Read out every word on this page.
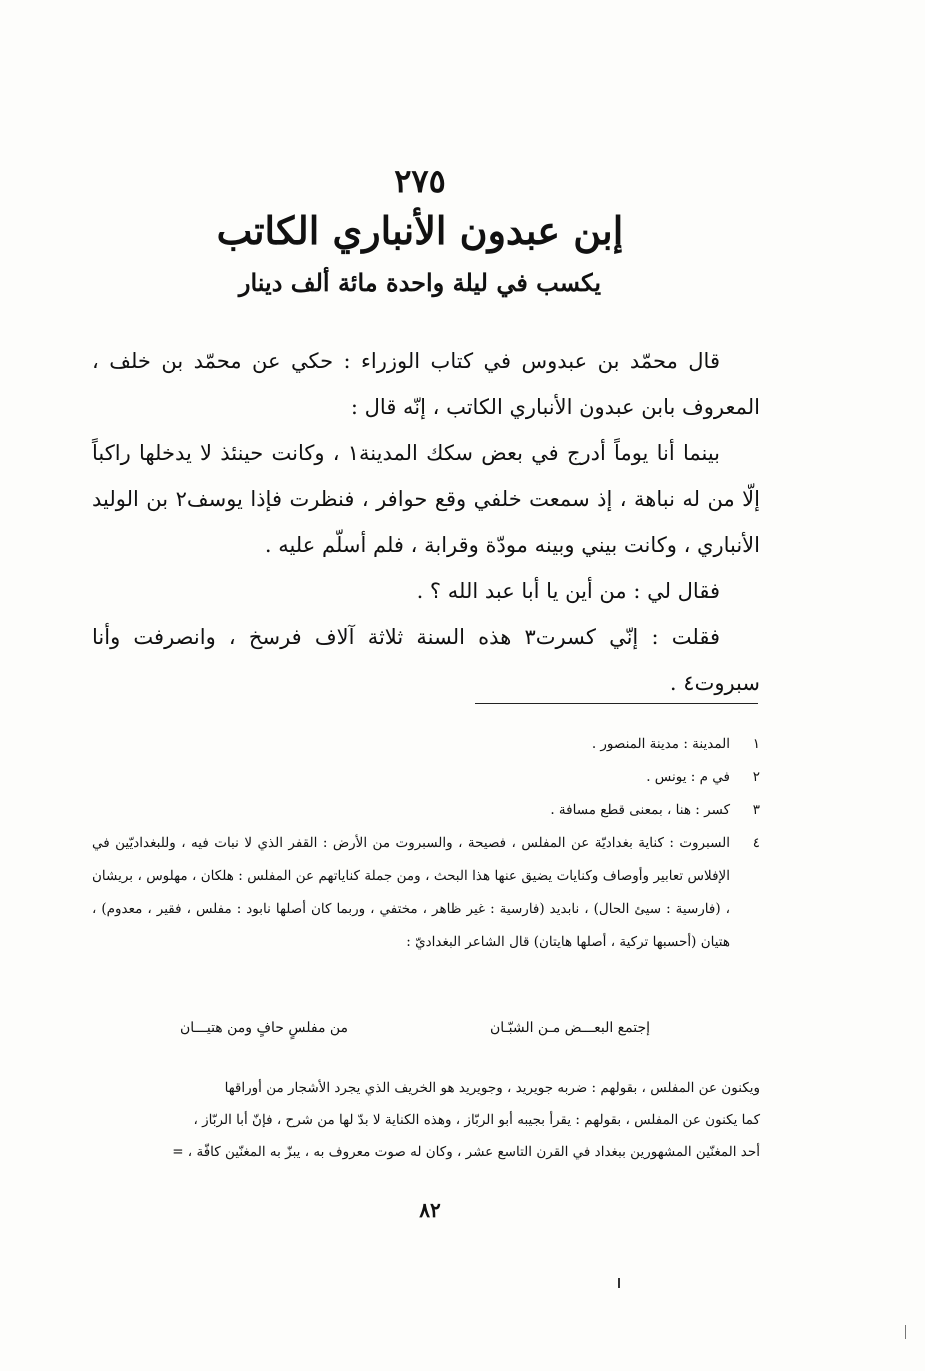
٢٧٥
إبن عبدون الأنباري الكاتب
يكسب في ليلة واحدة مائة ألف دينار

قال محمّد بن عبدوس في كتاب الوزراء : حكي عن محمّد بن خلف ، المعروف بابن عبدون الأنباري الكاتب ، إنّه قال :

بينما أنا يوماً أدرج في بعض سكك المدينة١ ، وكانت حينئذ لا يدخلها راكباً إلّا من له نباهة ، إذ سمعت خلفي وقع حوافر ، فنظرت فإذا يوسف٢ بن الوليد الأنباري ، وكانت بيني وبينه مودّة وقرابة ، فلم أسلّم عليه .

فقال لي : من أين يا أبا عبد الله ؟ .

فقلت : إنّي كسرت٣ هذه السنة ثلاثة آلاف فرسخ ، وانصرفت وأنا سبروت٤ .

١
المدينة : مدينة المنصور .
٢
في م : يونس .
٣
كسر : هنا ، بمعنى قطع مسافة .
٤
السبروت : كناية بغداديّة عن المفلس ، فصيحة ، والسبروت من الأرض : القفر الذي لا نبات فيه ، وللبغداديّين في الإفلاس تعابير وأوصاف وكنايات يضيق عنها هذا البحث ، ومن جملة كناياتهم عن المفلس : هلكان ، مهلوس ، بريشان ، (فارسية : سيئ الحال) ، نابديد (فارسية : غير ظاهر ، مختفي ، وربما كان أصلها نابود : مفلس ، فقير ، معدوم) ، هتيان (أحسبها تركية ، أصلها هايتان) قال الشاعر البغداديّ :
إجتمع البعـــض مـن الشبّـان
من مفلسٍ حافٍ ومن هتيـــان

ويكنون عن المفلس ، بقولهم : ضربه جويريد ، وجويريد هو الخريف الذي يجرد الأشجار من أوراقها

كما يكنون عن المفلس ، بقولهم : يقرأ بجيبه أبو الربّاز ، وهذه الكناية لا بدّ لها من شرح ، فإنّ أبا الربّاز ،

أحد المغنّين المشهورين ببغداد في القرن التاسع عشر ، وكان له صوت معروف به ، يبزّ به المغنّين كافّة ، =

٨٢
